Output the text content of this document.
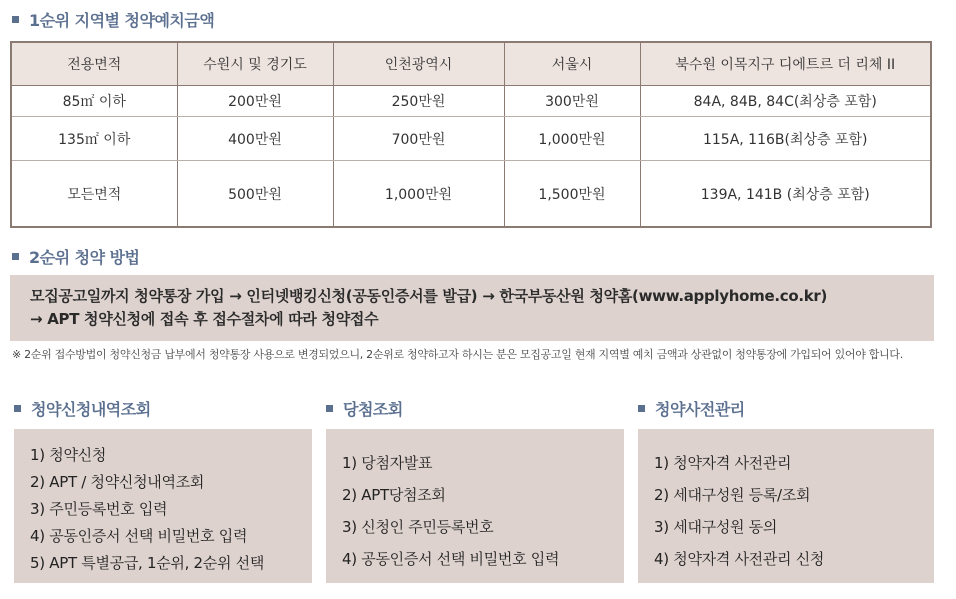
1순위 지역별 청약예치금액
전용면적	수원시 및 경기도	인천광역시	서울시	북수원 이목지구 디에트르 더 리체 II
85㎡ 이하	200만원	250만원	300만원	84A, 84B, 84C(최상층 포함)
135㎡ 이하	400만원	700만원	1,000만원	115A, 116B(최상층 포함)
모든면적	500만원	1,000만원	1,500만원	139A, 141B (최상층 포함)
2순위 청약 방법
모집공고일까지 청약통장 가입 → 인터넷뱅킹신청(공동인증서를 발급) → 한국부동산원 청약홈(www.applyhome.co.kr)
→ APT 청약신청에 접속 후 접수절차에 따라 청약접수
※ 2순위 접수방법이 청약신청금 납부에서 청약통장 사용으로 변경되었으니, 2순위로 청약하고자 하시는 분은 모집공고일 현재 지역별 예치 금액과 상관없이 청약통장에 가입되어 있어야 합니다.
청약신청내역조회	당첨조회	청약사전관리
1) 청약신청
2) APT / 청약신청내역조회
3) 주민등록번호 입력
4) 공동인증서 선택 비밀번호 입력
5) APT 특별공급, 1순위, 2순위 선택
1) 당첨자발표
2) APT당첨조회
3) 신청인 주민등록번호
4) 공동인증서 선택 비밀번호 입력
1) 청약자격 사전관리
2) 세대구성원 등록/조회
3) 세대구성원 동의
4) 청약자격 사전관리 신청
